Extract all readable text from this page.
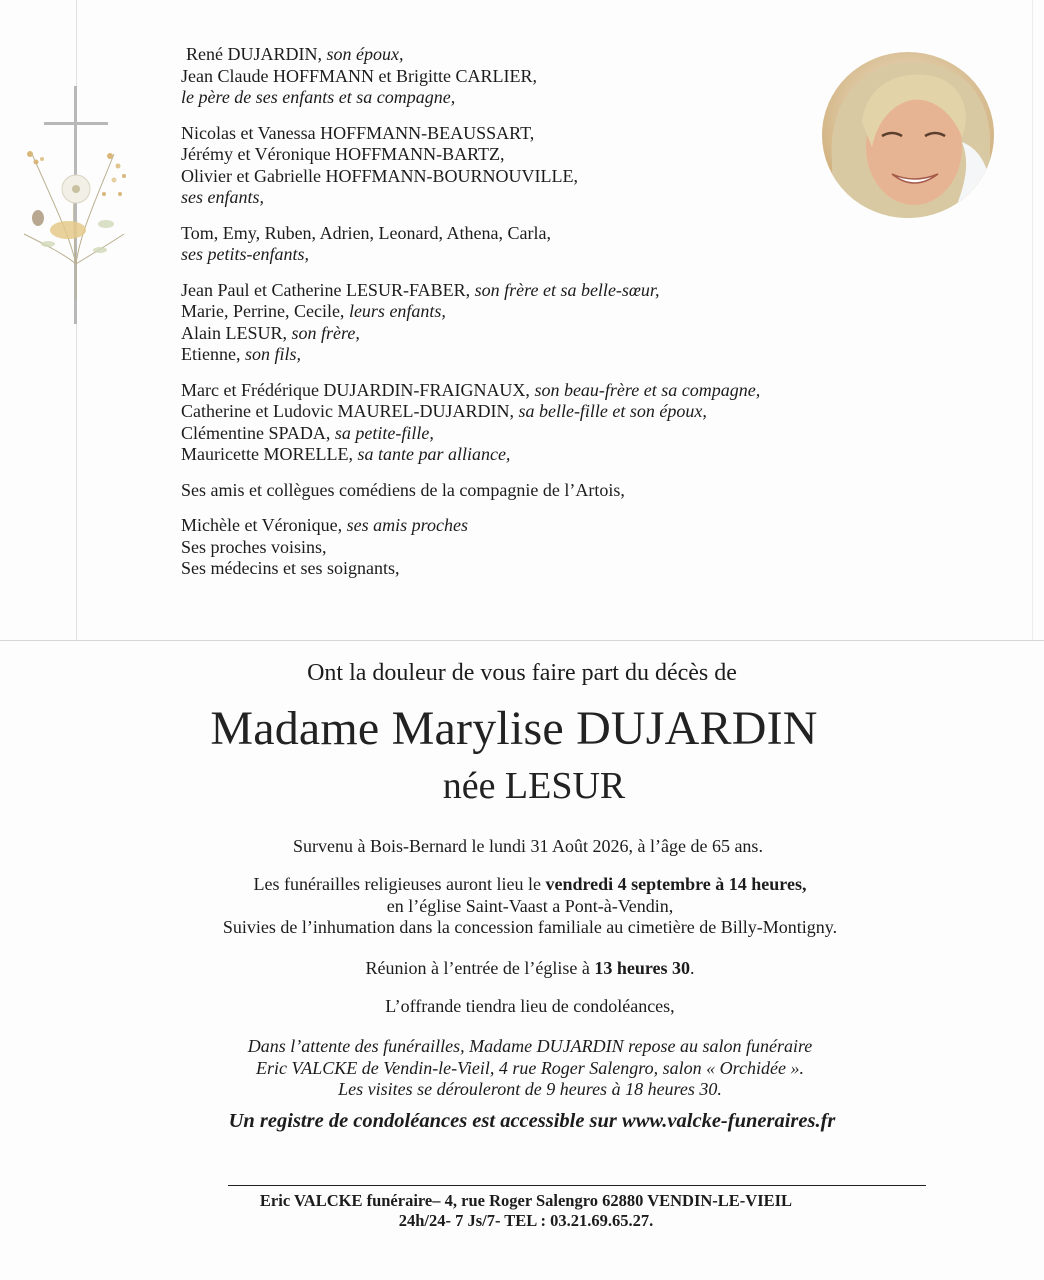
René DUJARDIN, son époux,
Jean Claude HOFFMANN et Brigitte CARLIER,
le père de ses enfants et sa compagne,
Nicolas et Vanessa HOFFMANN-BEAUSSART,
Jérémy et Véronique HOFFMANN-BARTZ,
Olivier et Gabrielle HOFFMANN-BOURNOUVILLE,
ses enfants,
Tom, Emy, Ruben, Adrien, Leonard, Athena, Carla,
ses petits-enfants,
Jean Paul et Catherine LESUR-FABER, son frère et sa belle-sœur,
Marie, Perrine, Cecile, leurs enfants,
Alain LESUR, son frère,
Etienne, son fils,
Marc et Frédérique DUJARDIN-FRAIGNAUX, son beau-frère et sa compagne,
Catherine et Ludovic MAUREL-DUJARDIN, sa belle-fille et son époux,
Clémentine SPADA, sa petite-fille,
Mauricette MORELLE, sa tante par alliance,
Ses amis et collègues comédiens de la compagnie de l’Artois,
Michèle et Véronique, ses amis proches
Ses proches voisins,
Ses médecins et ses soignants,
Ont la douleur de vous faire part du décès de
Madame Marylise DUJARDIN
née LESUR
Survenu à Bois-Bernard le lundi 31 Août 2026, à l’âge de 65 ans.
Les funérailles religieuses auront lieu le vendredi 4 septembre à 14 heures,
en l’église Saint-Vaast a Pont-à-Vendin,
Suivies de l’inhumation dans la concession familiale au cimetière de Billy-Montigny.
Réunion à l’entrée de l’église à 13 heures 30.
L’offrande tiendra lieu de condoléances,
Dans l’attente des funérailles, Madame DUJARDIN repose au salon funéraire
Eric VALCKE de Vendin-le-Vieil, 4 rue Roger Salengro, salon « Orchidée ».
Les visites se dérouleront de 9 heures à 18 heures 30.
Un registre de condoléances est accessible sur www.valcke-funeraires.fr
Eric VALCKE funéraire– 4, rue Roger Salengro 62880 VENDIN-LE-VIEIL
24h/24- 7 Js/7- TEL : 03.21.69.65.27.
